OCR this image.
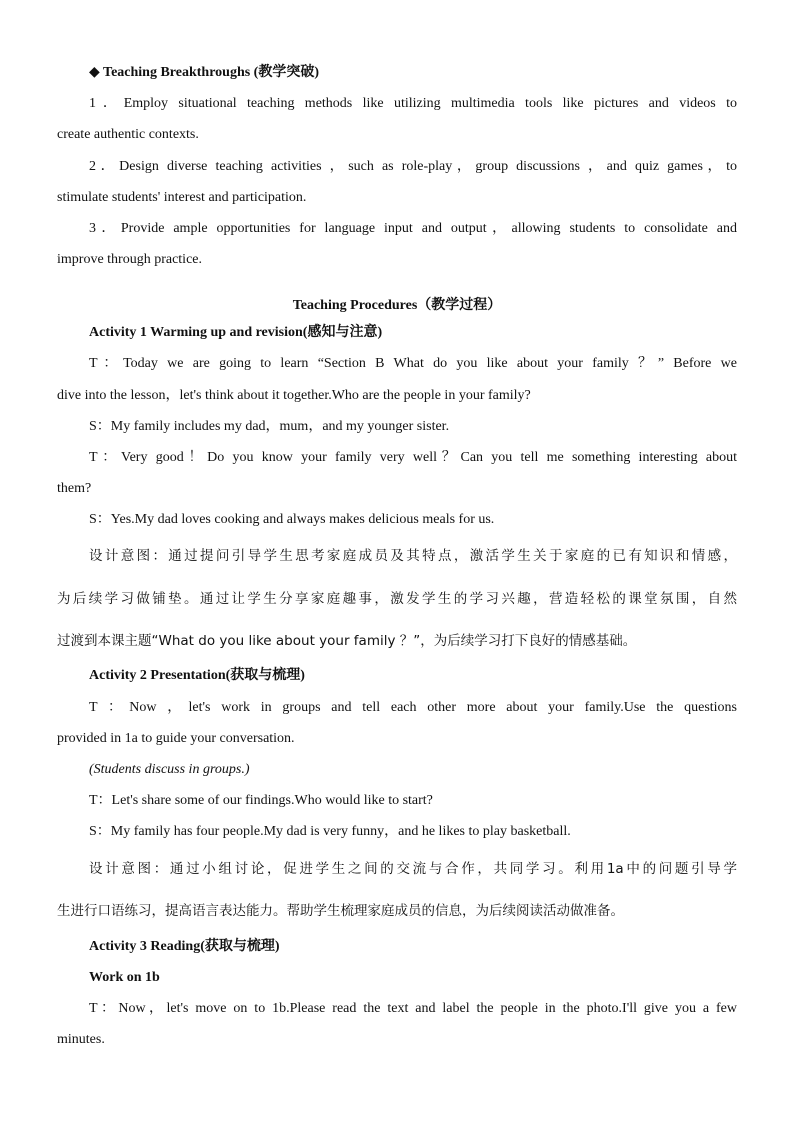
◆ Teaching Breakthroughs (教学突破)
1．Employ situational teaching methods like utilizing multimedia tools like pictures and videos to
create authentic contexts.
2．Design diverse teaching activities ，such as role‑play，group discussions ，and quiz games，to
stimulate students' interest and participation.
3．Provide ample opportunities for language input and output，allowing students to consolidate and
improve through practice.
Teaching Procedures（教学过程）
Activity 1 Warming up and revision(感知与注意)
T：Today we are going to learn “Section B What do you like about your family ？” Before we
dive into the lesson，let's think about it together.Who are the people in your family?
S：My family includes my dad，mum，and my younger sister.
T：Very good！Do you know your family very well？Can you tell me something interesting about
them?
S：Yes.My dad loves cooking and always makes delicious meals for us.
设计意图：通过提问引导学生思考家庭成员及其特点，激活学生关于家庭的已有知识和情感，
为后续学习做铺垫。通过让学生分享家庭趣事，激发学生的学习兴趣，营造轻松的课堂氛围，自然
过渡到本课主题“What do you like about your family ？”，为后续学习打下良好的情感基础。
Activity 2 Presentation(获取与梳理)
T ：Now ，let's work in groups and tell each other more about your family.Use the questions
provided in 1a to guide your conversation.
(Students discuss in groups.)
T：Let's share some of our findings.Who would like to start?
S：My family has four people.My dad is very funny，and he likes to play basketball.
设计意图：通过小组讨论，促进学生之间的交流与合作，共同学习。利用1a中的问题引导学
生进行口语练习，提高语言表达能力。帮助学生梳理家庭成员的信息，为后续阅读活动做准备。
Activity 3 Reading(获取与梳理)
Work on 1b
T：Now，let's move on to 1b.Please read the text and label the people in the photo.I'll give you a few
minutes.
